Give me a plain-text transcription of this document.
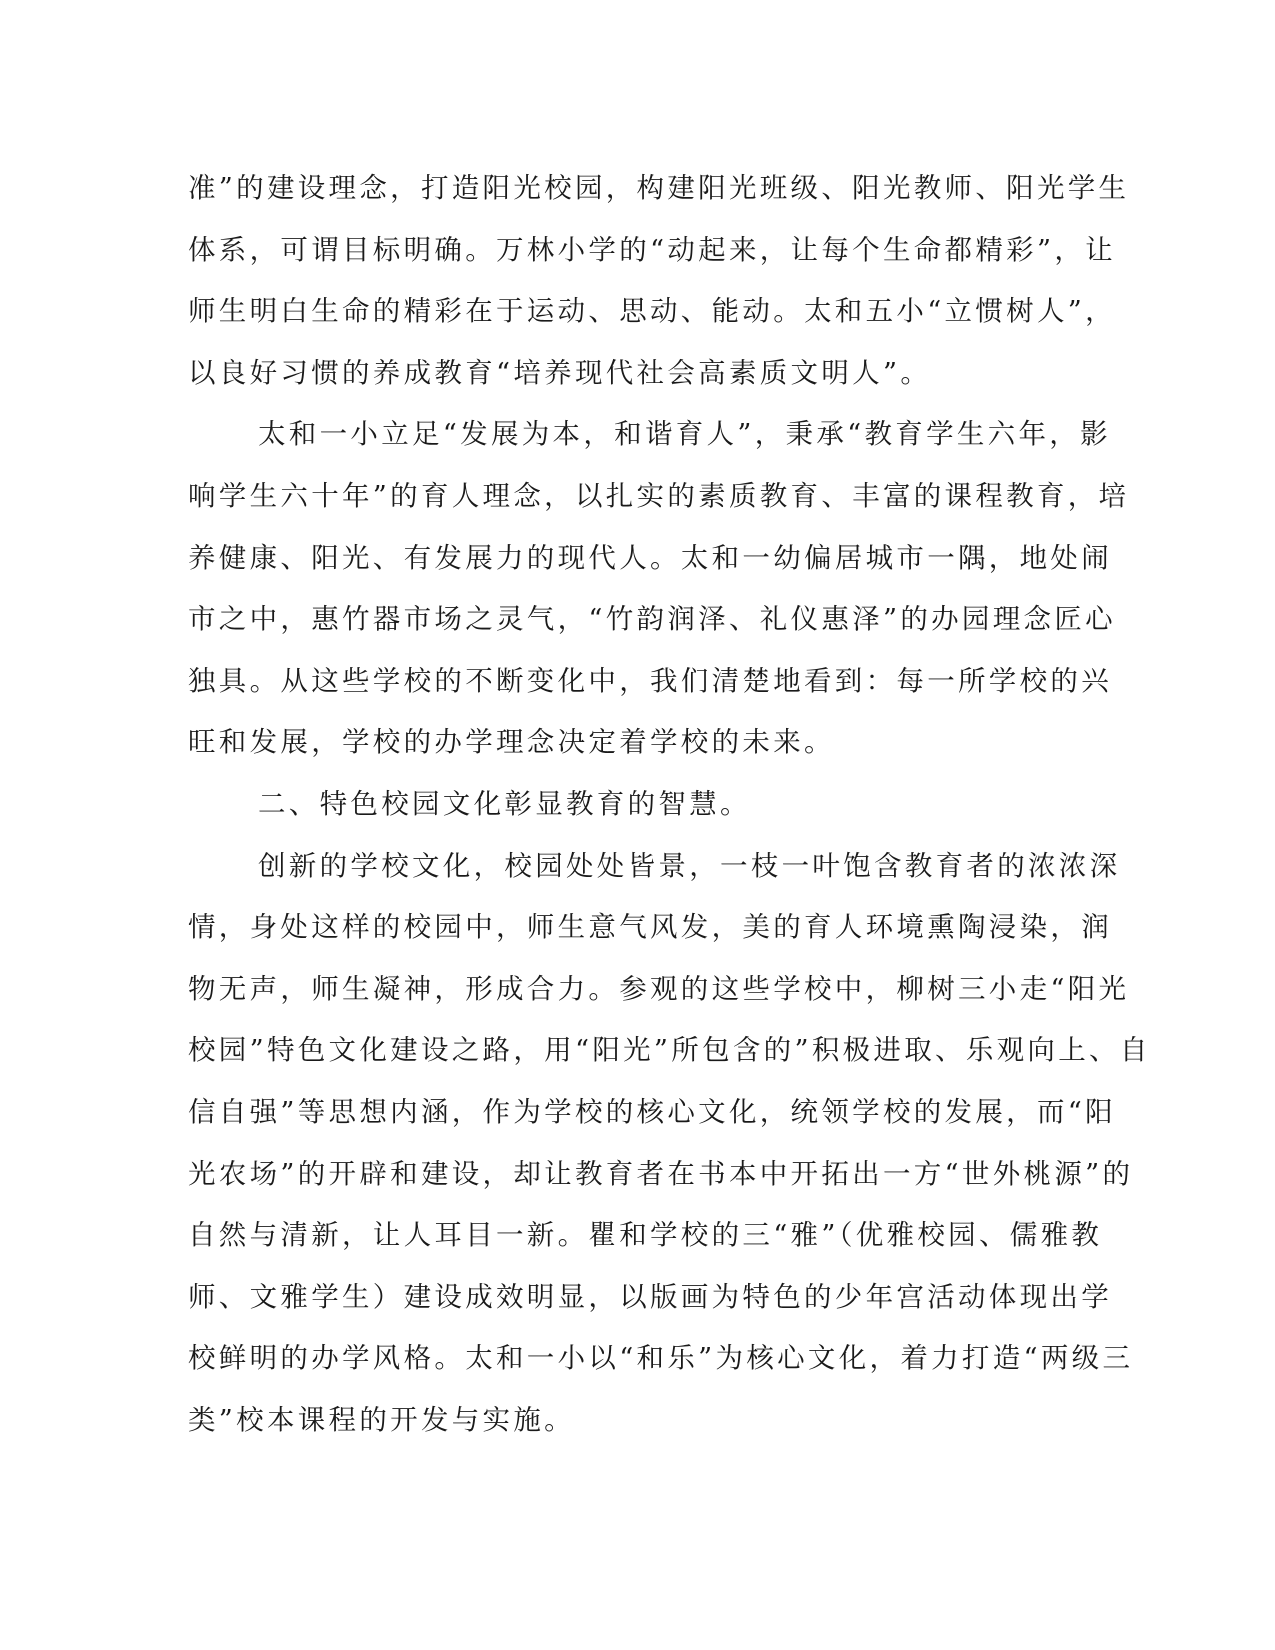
准”的建设理念，打造阳光校园，构建阳光班级、阳光教师、阳光学生
体系，可谓目标明确。万林小学的“动起来，让每个生命都精彩”，让
师生明白生命的精彩在于运动、思动、能动。太和五小“立惯树人”，
以良好习惯的养成教育“培养现代社会高素质文明人”。
太和一小立足“发展为本，和谐育人”，秉承“教育学生六年，影
响学生六十年”的育人理念，以扎实的素质教育、丰富的课程教育，培
养健康、阳光、有发展力的现代人。太和一幼偏居城市一隅，地处闹
市之中，惠竹器市场之灵气，“竹韵润泽、礼仪惠泽”的办园理念匠心
独具。从这些学校的不断变化中，我们清楚地看到：每一所学校的兴
旺和发展，学校的办学理念决定着学校的未来。
二、特色校园文化彰显教育的智慧。
创新的学校文化，校园处处皆景，一枝一叶饱含教育者的浓浓深
情，身处这样的校园中，师生意气风发，美的育人环境熏陶浸染，润
物无声，师生凝神，形成合力。参观的这些学校中，柳树三小走“阳光
校园”特色文化建设之路，用“阳光”所包含的”积极进取、乐观向上、自
信自强”等思想内涵，作为学校的核心文化，统领学校的发展，而“阳
光农场”的开辟和建设，却让教育者在书本中开拓出一方“世外桃源”的
自然与清新，让人耳目一新。瞿和学校的三“雅”（优雅校园、儒雅教
师、文雅学生）建设成效明显，以版画为特色的少年宫活动体现出学
校鲜明的办学风格。太和一小以“和乐”为核心文化，着力打造“两级三
类”校本课程的开发与实施。
